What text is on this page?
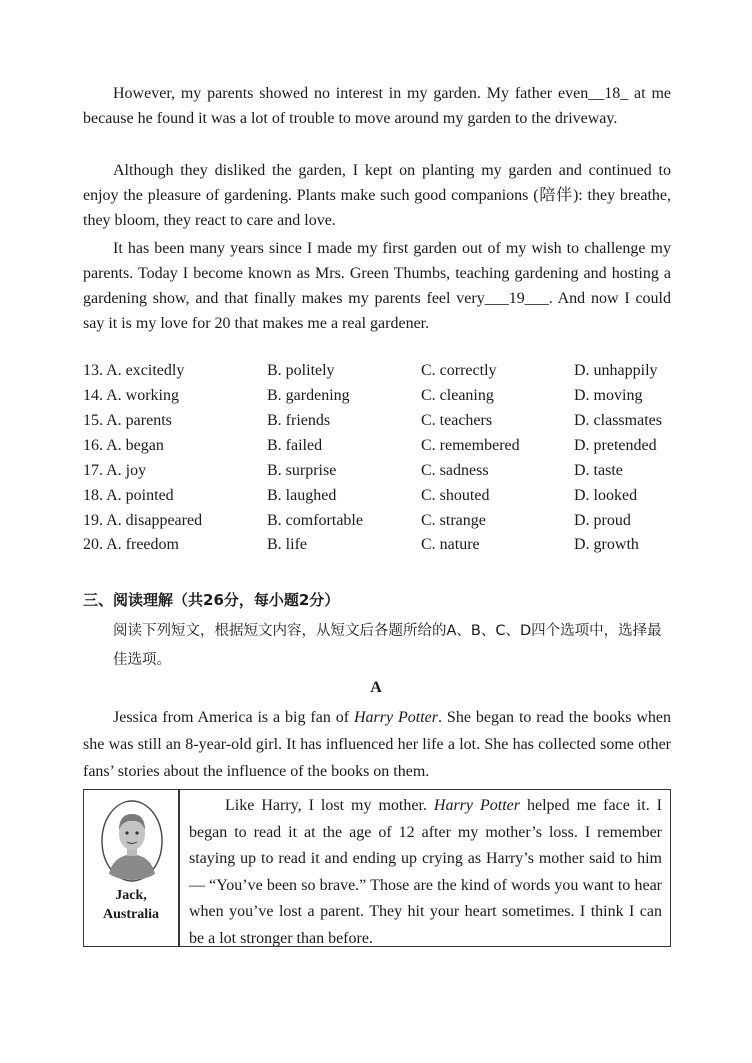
However, my parents showed no interest in my garden. My father even__18_ at me because he found it was a lot of trouble to move around my garden to the driveway.
Although they disliked the garden, I kept on planting my garden and continued to enjoy the pleasure of gardening. Plants make such good companions (陪伴): they breathe, they bloom, they react to care and love.
It has been many years since I made my first garden out of my wish to challenge my parents. Today I become known as Mrs. Green Thumbs, teaching gardening and hosting a gardening show, and that finally makes my parents feel very___19___. And now I could say it is my love for 20 that makes me a real gardener.
13. A. excitedly	B. politely	C. correctly	D. unhappily
14. A. working	B. gardening	C. cleaning	D. moving
15. A. parents	B. friends	C. teachers	D. classmates
16. A. began	B. failed	C. remembered	D. pretended
17. A. joy	B. surprise	C. sadness	D. taste
18. A. pointed	B. laughed	C. shouted	D. looked
19. A. disappeared	B. comfortable	C. strange	D. proud
20. A. freedom	B. life	C. nature	D. growth
三、阅读理解（共26分，每小题2分）
阅读下列短文，根据短文内容，从短文后各题所给的A、B、C、D四个选项中，选择最佳选项。
A
Jessica from America is a big fan of Harry Potter. She began to read the books when she was still an 8-year-old girl. It has influenced her life a lot. She has collected some other fans’ stories about the influence of the books on them.
Jack,
Australia
Like Harry, I lost my mother. Harry Potter helped me face it. I began to read it at the age of 12 after my mother’s loss. I remember staying up to read it and ending up crying as Harry’s mother said to him — “You’ve been so brave.” Those are the kind of words you want to hear when you’ve lost a parent. They hit your heart sometimes. I think I can be a lot stronger than before.
